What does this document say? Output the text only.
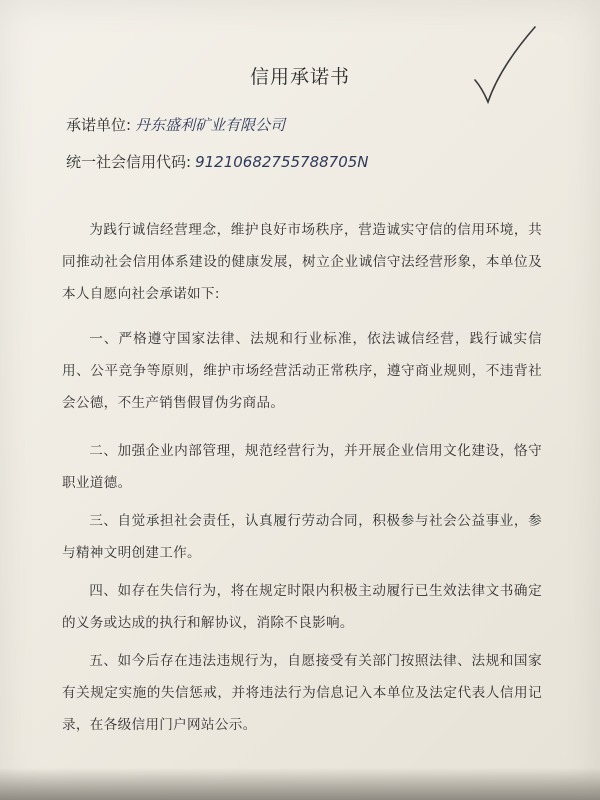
信用承诺书
承诺单位: 丹东盛利矿业有限公司
统一社会信用代码: 91210682755788705N
为践行诚信经营理念，维护良好市场秩序，营造诚实守信的信用环境，共同推动社会信用体系建设的健康发展，树立企业诚信守法经营形象，本单位及本人自愿向社会承诺如下:
一、严格遵守国家法律、法规和行业标准，依法诚信经营，践行诚实信用、公平竞争等原则，维护市场经营活动正常秩序，遵守商业规则，不违背社会公德，不生产销售假冒伪劣商品。
二、加强企业内部管理，规范经营行为，并开展企业信用文化建设，恪守职业道德。
三、自觉承担社会责任，认真履行劳动合同，积极参与社会公益事业，参与精神文明创建工作。
四、如存在失信行为，将在规定时限内积极主动履行已生效法律文书确定的义务或达成的执行和解协议，消除不良影响。
五、如今后存在违法违规行为，自愿接受有关部门按照法律、法规和国家有关规定实施的失信惩戒，并将违法行为信息记入本单位及法定代表人信用记录，在各级信用门户网站公示。
